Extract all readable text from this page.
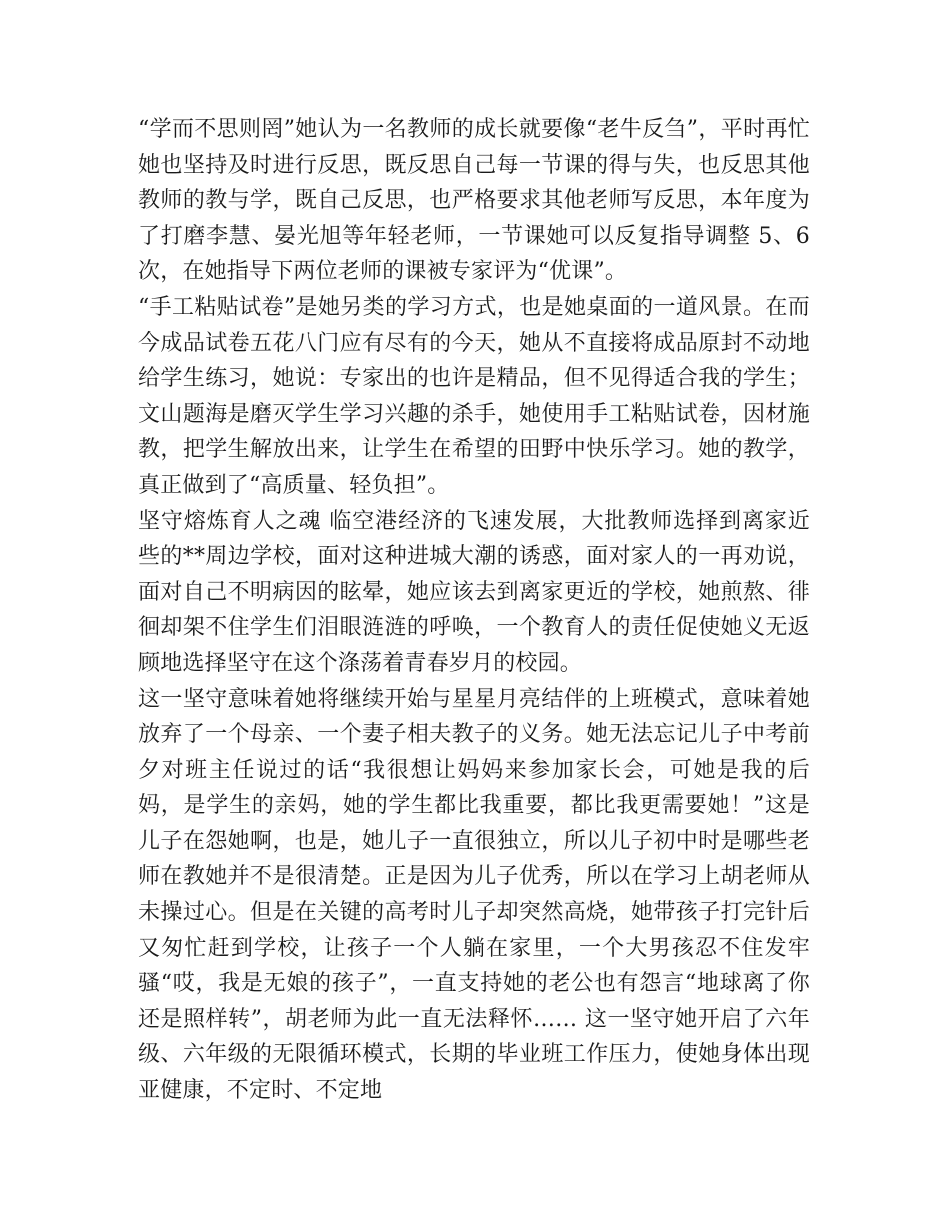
“学而不思则罔”她认为一名教师的成长就要像“老牛反刍”，平时再忙她也坚持及时进行反思，既反思自己每一节课的得与失，也反思其他教师的教与学，既自己反思，也严格要求其他老师写反思，本年度为了打磨李慧、晏光旭等年轻老师，一节课她可以反复指导调整 5、6 次，在她指导下两位老师的课被专家评为“优课”。

“手工粘贴试卷”是她另类的学习方式，也是她桌面的一道风景。在而今成品试卷五花八门应有尽有的今天，她从不直接将成品原封不动地给学生练习，她说：专家出的也许是精品，但不见得适合我的学生；文山题海是磨灭学生学习兴趣的杀手，她使用手工粘贴试卷，因材施教，把学生解放出来，让学生在希望的田野中快乐学习。她的教学，真正做到了“高质量、轻负担”。

坚守熔炼育人之魂 临空港经济的飞速发展，大批教师选择到离家近些的**周边学校，面对这种进城大潮的诱惑，面对家人的一再劝说，面对自己不明病因的眩晕，她应该去到离家更近的学校，她煎熬、徘徊却架不住学生们泪眼涟涟的呼唤，一个教育人的责任促使她义无返顾地选择坚守在这个涤荡着青春岁月的校园。

这一坚守意味着她将继续开始与星星月亮结伴的上班模式，意味着她放弃了一个母亲、一个妻子相夫教子的义务。她无法忘记儿子中考前夕对班主任说过的话“我很想让妈妈来参加家长会，可她是我的后妈，是学生的亲妈，她的学生都比我重要，都比我更需要她！”这是儿子在怨她啊，也是，她儿子一直很独立，所以儿子初中时是哪些老师在教她并不是很清楚。正是因为儿子优秀，所以在学习上胡老师从未操过心。但是在关键的高考时儿子却突然高烧，她带孩子打完针后又匆忙赶到学校，让孩子一个人躺在家里，一个大男孩忍不住发牢骚“哎，我是无娘的孩子”，一直支持她的老公也有怨言“地球离了你还是照样转”，胡老师为此一直无法释怀…… 这一坚守她开启了六年级、六年级的无限循环模式，长期的毕业班工作压力，使她身体出现亚健康，不定时、不定地
